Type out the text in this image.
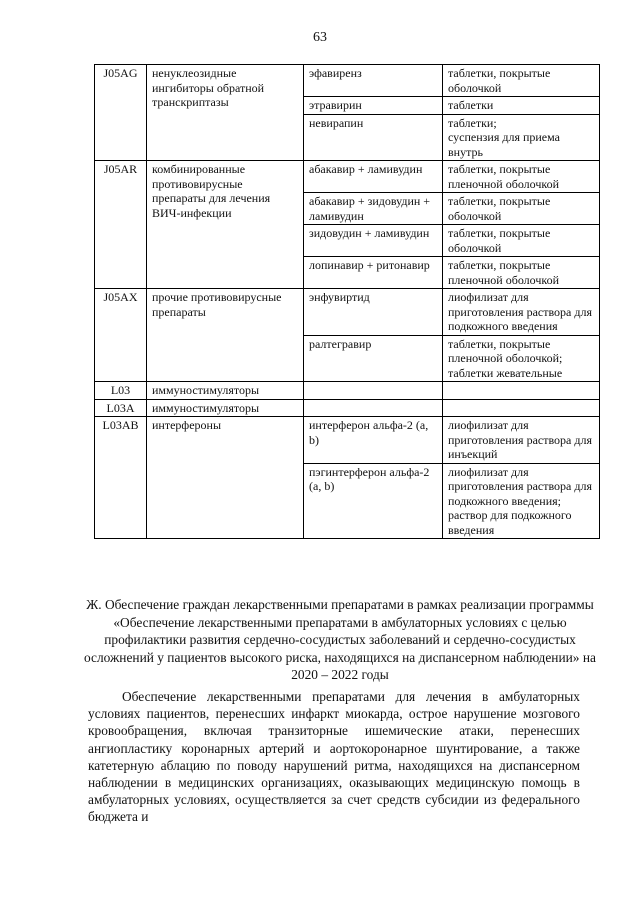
63
J05AG	ненуклеозидные ингибиторы обратной транскриптазы	эфавиренз	таблетки, покрытые оболочкой
		этравирин	таблетки
		невирапин	таблетки;
суспензия для приема внутрь
J05AR	комбинированные противовирусные препараты для лечения ВИЧ-инфекции	абакавир + ламивудин	таблетки, покрытые пленочной оболочкой
		абакавир + зидовудин + ламивудин	таблетки, покрытые оболочкой
		зидовудин + ламивудин	таблетки, покрытые оболочкой
		лопинавир + ритонавир	таблетки, покрытые пленочной оболочкой
J05AX	прочие противовирусные препараты	энфувиртид	лиофилизат для приготовления раствора для подкожного введения
		ралтегравир	таблетки, покрытые пленочной оболочкой;
таблетки жевательные
L03	иммуностимуляторы		
L03A	иммуностимуляторы		
L03AB	интерфероны	интерферон альфа-2 (a, b)	лиофилизат для приготовления раствора для инъекций
		пэгинтерферон альфа-2 (a, b)	лиофилизат для приготовления раствора для подкожного введения;
раствор для подкожного введения
Ж. Обеспечение граждан лекарственными препаратами в рамках реализации программы «Обеспечение лекарственными препаратами в амбулаторных условиях с целью профилактики развития сердечно-сосудистых заболеваний и сердечно-сосудистых осложнений у пациентов высокого риска, находящихся на диспансерном наблюдении» на 2020 – 2022 годы
Обеспечение лекарственными препаратами для лечения в амбулаторных условиях пациентов, перенесших инфаркт миокарда, острое нарушение мозгового кровообращения, включая транзиторные ишемические атаки, перенесших ангиопластику коронарных артерий и аортокоронарное шунтирование, а также катетерную аблацию по поводу нарушений ритма, находящихся на диспансерном наблюдении в медицинских организациях, оказывающих медицинскую помощь в амбулаторных условиях, осуществляется за счет средств субсидии из федерального бюджета и
